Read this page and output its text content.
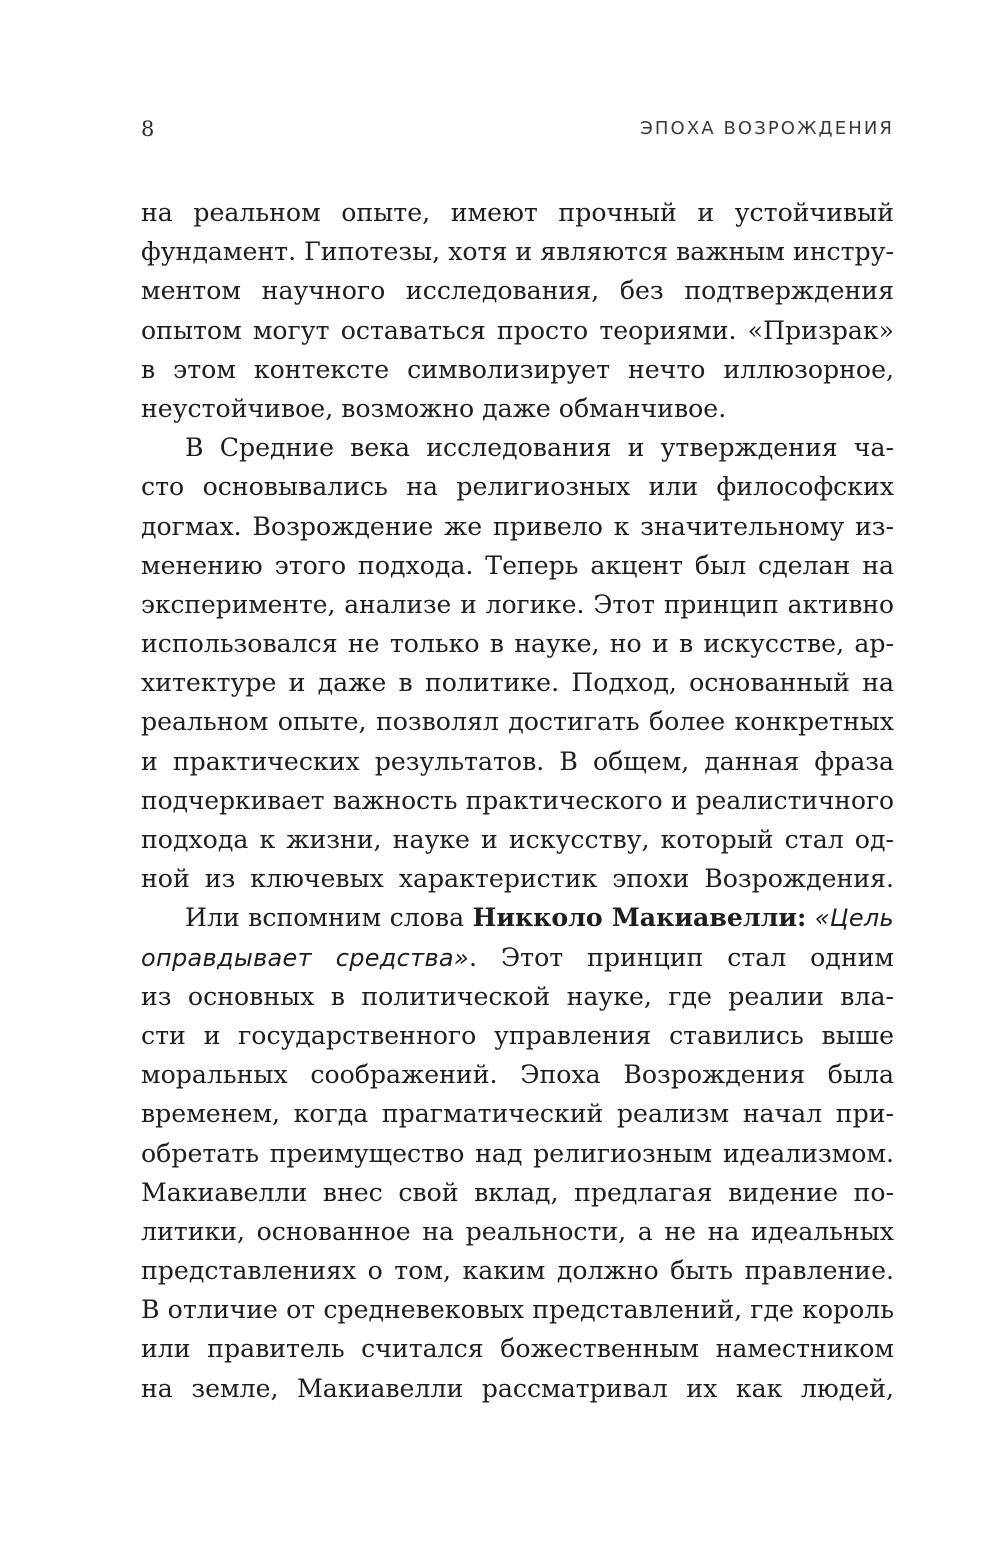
8	ЭПОХА ВОЗРОЖДЕНИЯ
на реальном опыте, имеют прочный и устойчивый
фундамент. Гипотезы, хотя и являются важным инстру-
ментом научного исследования, без подтверждения
опытом могут оставаться просто теориями. «Призрак»
в этом контексте символизирует нечто иллюзорное,
неустойчивое, возможно даже обманчивое.
В Средние века исследования и утверждения ча-
сто основывались на религиозных или философских
догмах. Возрождение же привело к значительному из-
менению этого подхода. Теперь акцент был сделан на
эксперименте, анализе и логике. Этот принцип активно
использовался не только в науке, но и в искусстве, ар-
хитектуре и даже в политике. Подход, основанный на
реальном опыте, позволял достигать более конкретных
и практических результатов. В общем, данная фраза
подчеркивает важность практического и реалистичного
подхода к жизни, науке и искусству, который стал од-
ной из ключевых характеристик эпохи Возрождения.
Или вспомним слова Никколо Макиавелли: «Цель
оправдывает средства». Этот принцип стал одним
из основных в политической науке, где реалии вла-
сти и государственного управления ставились выше
моральных соображений. Эпоха Возрождения была
временем, когда прагматический реализм начал при-
обретать преимущество над религиозным идеализмом.
Макиавелли внес свой вклад, предлагая видение по-
литики, основанное на реальности, а не на идеальных
представлениях о том, каким должно быть правление.
В отличие от средневековых представлений, где король
или правитель считался божественным наместником
на земле, Макиавелли рассматривал их как людей,
